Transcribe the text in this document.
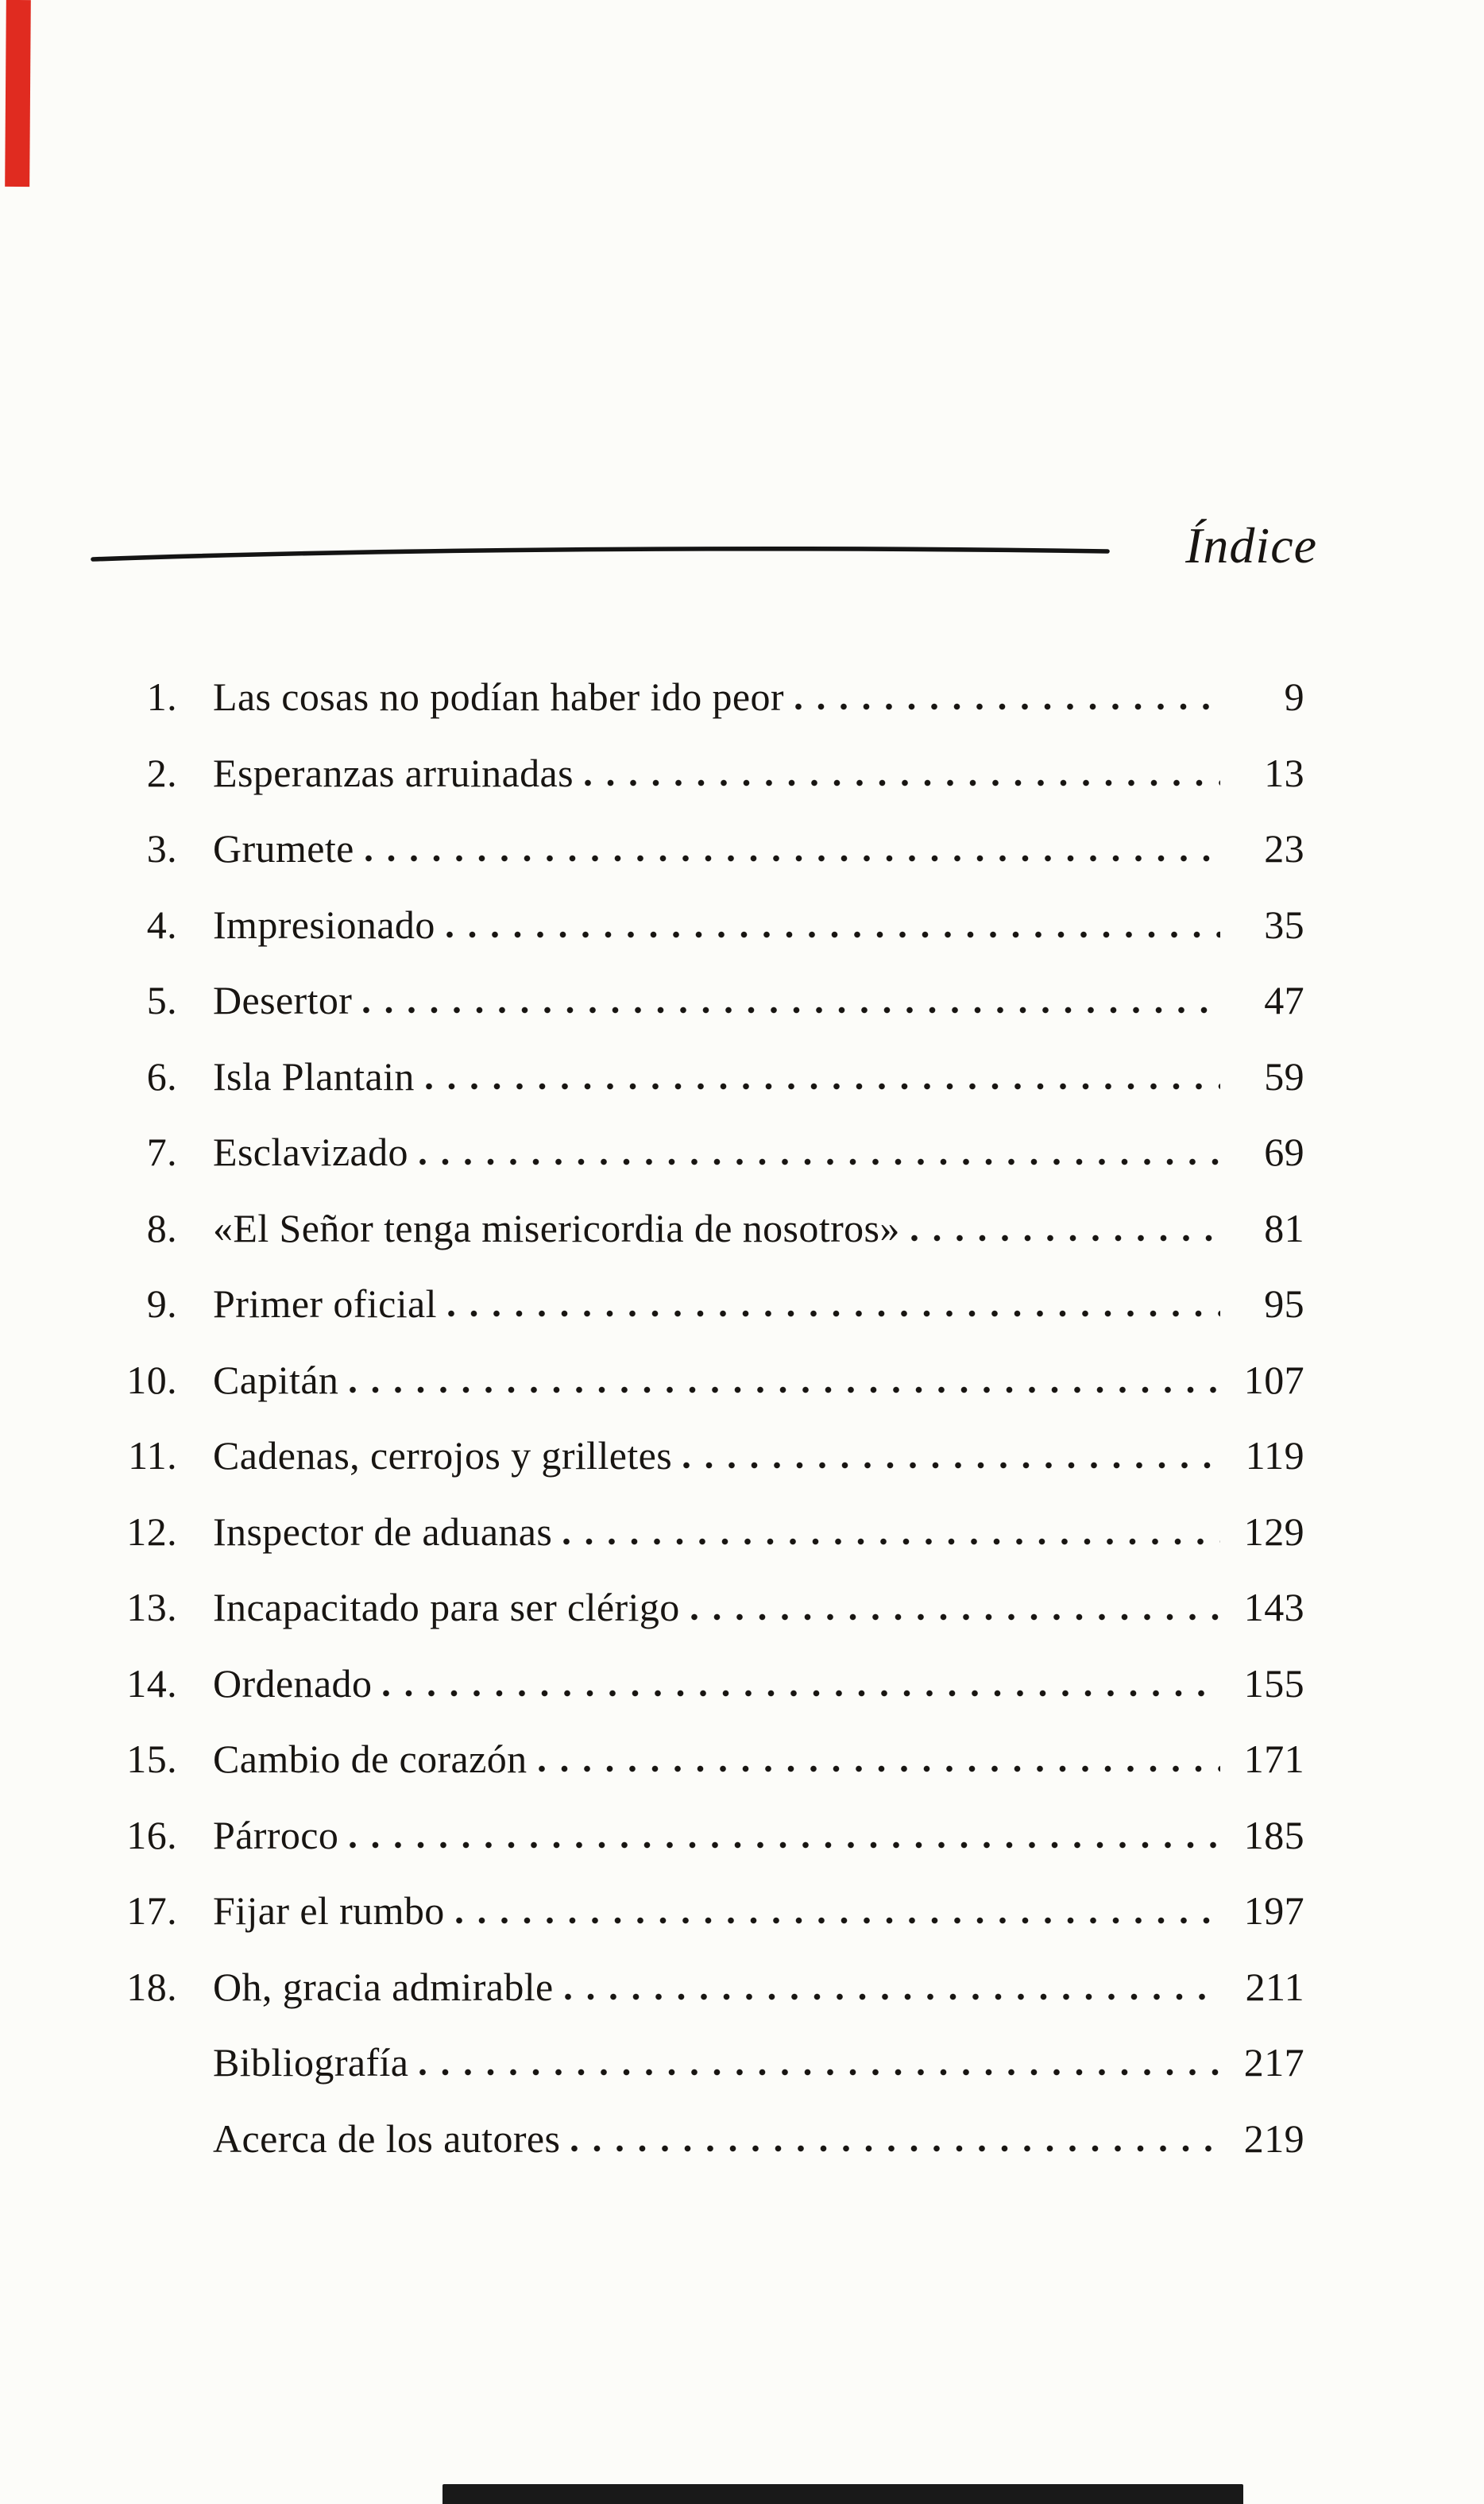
Índice
1. Las cosas no podían haber ido peor	9
2. Esperanzas arruinadas	13
3. Grumete	23
4. Impresionado	35
5. Desertor	47
6. Isla Plantain	59
7. Esclavizado	69
8. «El Señor tenga misericordia de nosotros»	81
9. Primer oficial	95
10. Capitán	107
11. Cadenas, cerrojos y grilletes	119
12. Inspector de aduanas	129
13. Incapacitado para ser clérigo	143
14. Ordenado	155
15. Cambio de corazón	171
16. Párroco	185
17. Fijar el rumbo	197
18. Oh, gracia admirable	211
Bibliografía	217
Acerca de los autores	219
